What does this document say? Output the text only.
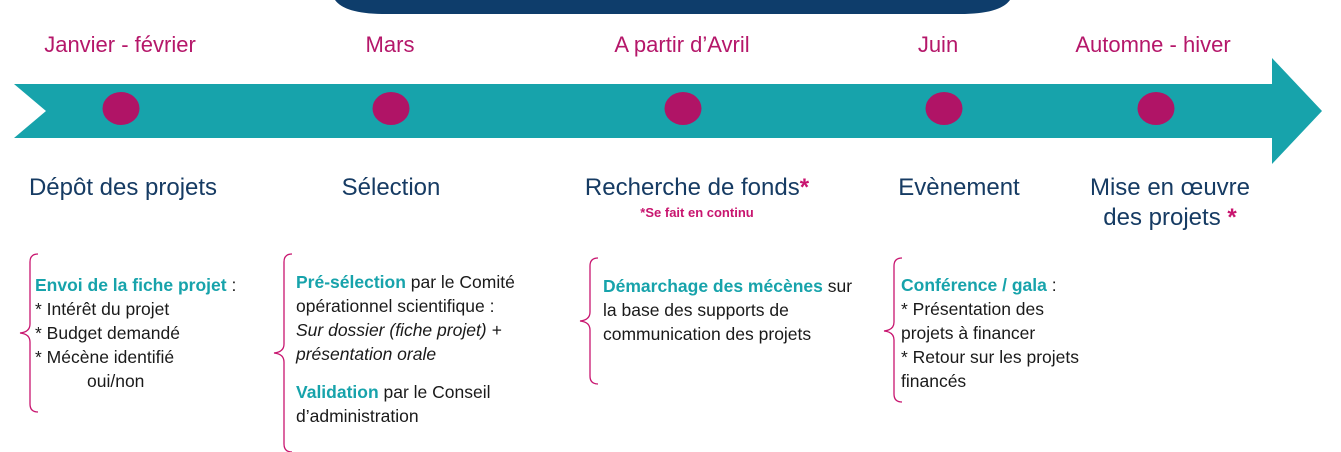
Janvier - février	Mars	A partir d’Avril	Juin	Automne - hiver
Dépôt des projets	Sélection	Recherche de fonds*
*Se fait en continu
Evènement	Mise en œuvre
des projets *
Envoi de la fiche projet :
* Intérêt du projet
* Budget demandé
* Mécène identifié
oui/non
Pré-sélection par le Comité opérationnel scientifique :
Sur dossier (fiche projet) + présentation orale
Validation par le Conseil d’administration
Démarchage des mécènes sur la base des supports de communication des projets
Conférence / gala :
* Présentation des projets à financer
* Retour sur les projets financés
